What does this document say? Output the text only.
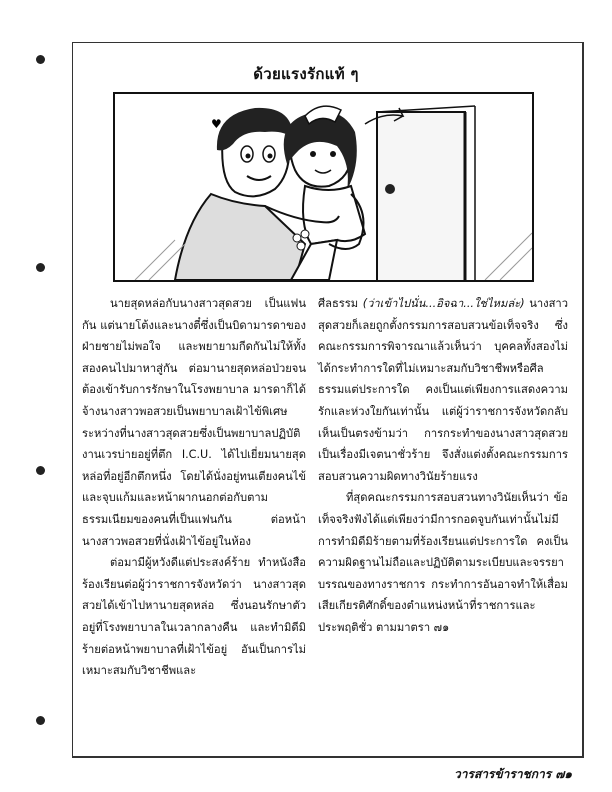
ด้วยแรงรักแท้ ๆ
♥

นายสุดหล่อกับนางสาวสุดสวย เป็นแฟนกัน แต่นายโต้งและนางตี๋ซึ่งเป็นบิดามารดาของฝ่ายชายไม่พอใจ และพยายามกีดกันไม่ให้ทั้งสองคนไปมาหาสู่กัน ต่อมานายสุดหล่อป่วยจนต้องเข้ารับการรักษาในโรงพยาบาล มารดาก็ได้จ้างนางสาวพอสวยเป็นพยาบาลเฝ้าไข้พิเศษ ระหว่างที่นางสาวสุดสวยซึ่งเป็นพยาบาลปฏิบัติงานเวรบ่ายอยู่ที่ตึก I.C.U. ได้ไปเยี่ยมนายสุดหล่อที่อยู่อีกตึกหนึ่ง โดยได้นั่งอยู่ทนเตียงคนไข้และจุบแก้มและหน้าผากนอกต่อกับตามธรรมเนียมของคนที่เป็นแฟนกัน ต่อหน้านางสาวพอสวยที่นั่งเฝ้าไข้อยู่ในห้อง

ต่อมามีผู้หวังดีแต่ประสงค์ร้าย ทำหนังสือร้องเรียนต่อผู้ว่าราชการจังหวัดว่า นางสาวสุดสวยได้เข้าไปหานายสุดหล่อ ซึ่งนอนรักษาตัวอยู่ที่โรงพยาบาลในเวลากลางคืน และทำมิดีมิร้ายต่อหน้าพยาบาลที่เฝ้าไข้อยู่ อันเป็นการไม่เหมาะสมกับวิชาชีพและ

ศีลธรรม (ว่าเข้าไปนั่น...อิจฉา...ใช่ไหมล่ะ) นางสาวสุดสวยก็เลยถูกตั้งกรรมการสอบสวนข้อเท็จจริง ซึ่งคณะกรรมการพิจารณาแล้วเห็นว่า บุคคลทั้งสองไม่ได้กระทำการใดที่ไม่เหมาะสมกับวิชาชีพหรือศีลธรรมแต่ประการใด คงเป็นแต่เพียงการแสดงความรักและห่วงใยกันเท่านั้น แต่ผู้ว่าราชการจังหวัดกลับเห็นเป็นตรงข้ามว่า การกระทำของนางสาวสุดสวยเป็นเรื่องมีเจตนาชั่วร้าย จึงสั่งแต่งตั้งคณะกรรมการสอบสวนความผิดทางวินัยร้ายแรง

ที่สุดคณะกรรมการสอบสวนทางวินัยเห็นว่า ข้อเท็จจริงฟังได้แต่เพียงว่ามีการกอดจูบกันเท่านั้นไม่มีการทำมิดีมิร้ายตามที่ร้องเรียนแต่ประการใด คงเป็นความผิดฐานไม่ถือและปฏิบัติตามระเบียบและจรรยาบรรณของทางราชการ กระทำการอันอาจทำให้เสื่อมเสียเกียรติศักดิ์ของตำแหน่งหน้าที่ราชการและประพฤติชั่ว ตามมาตรา ๗๑

วารสารข้าราชการ ๗๑
